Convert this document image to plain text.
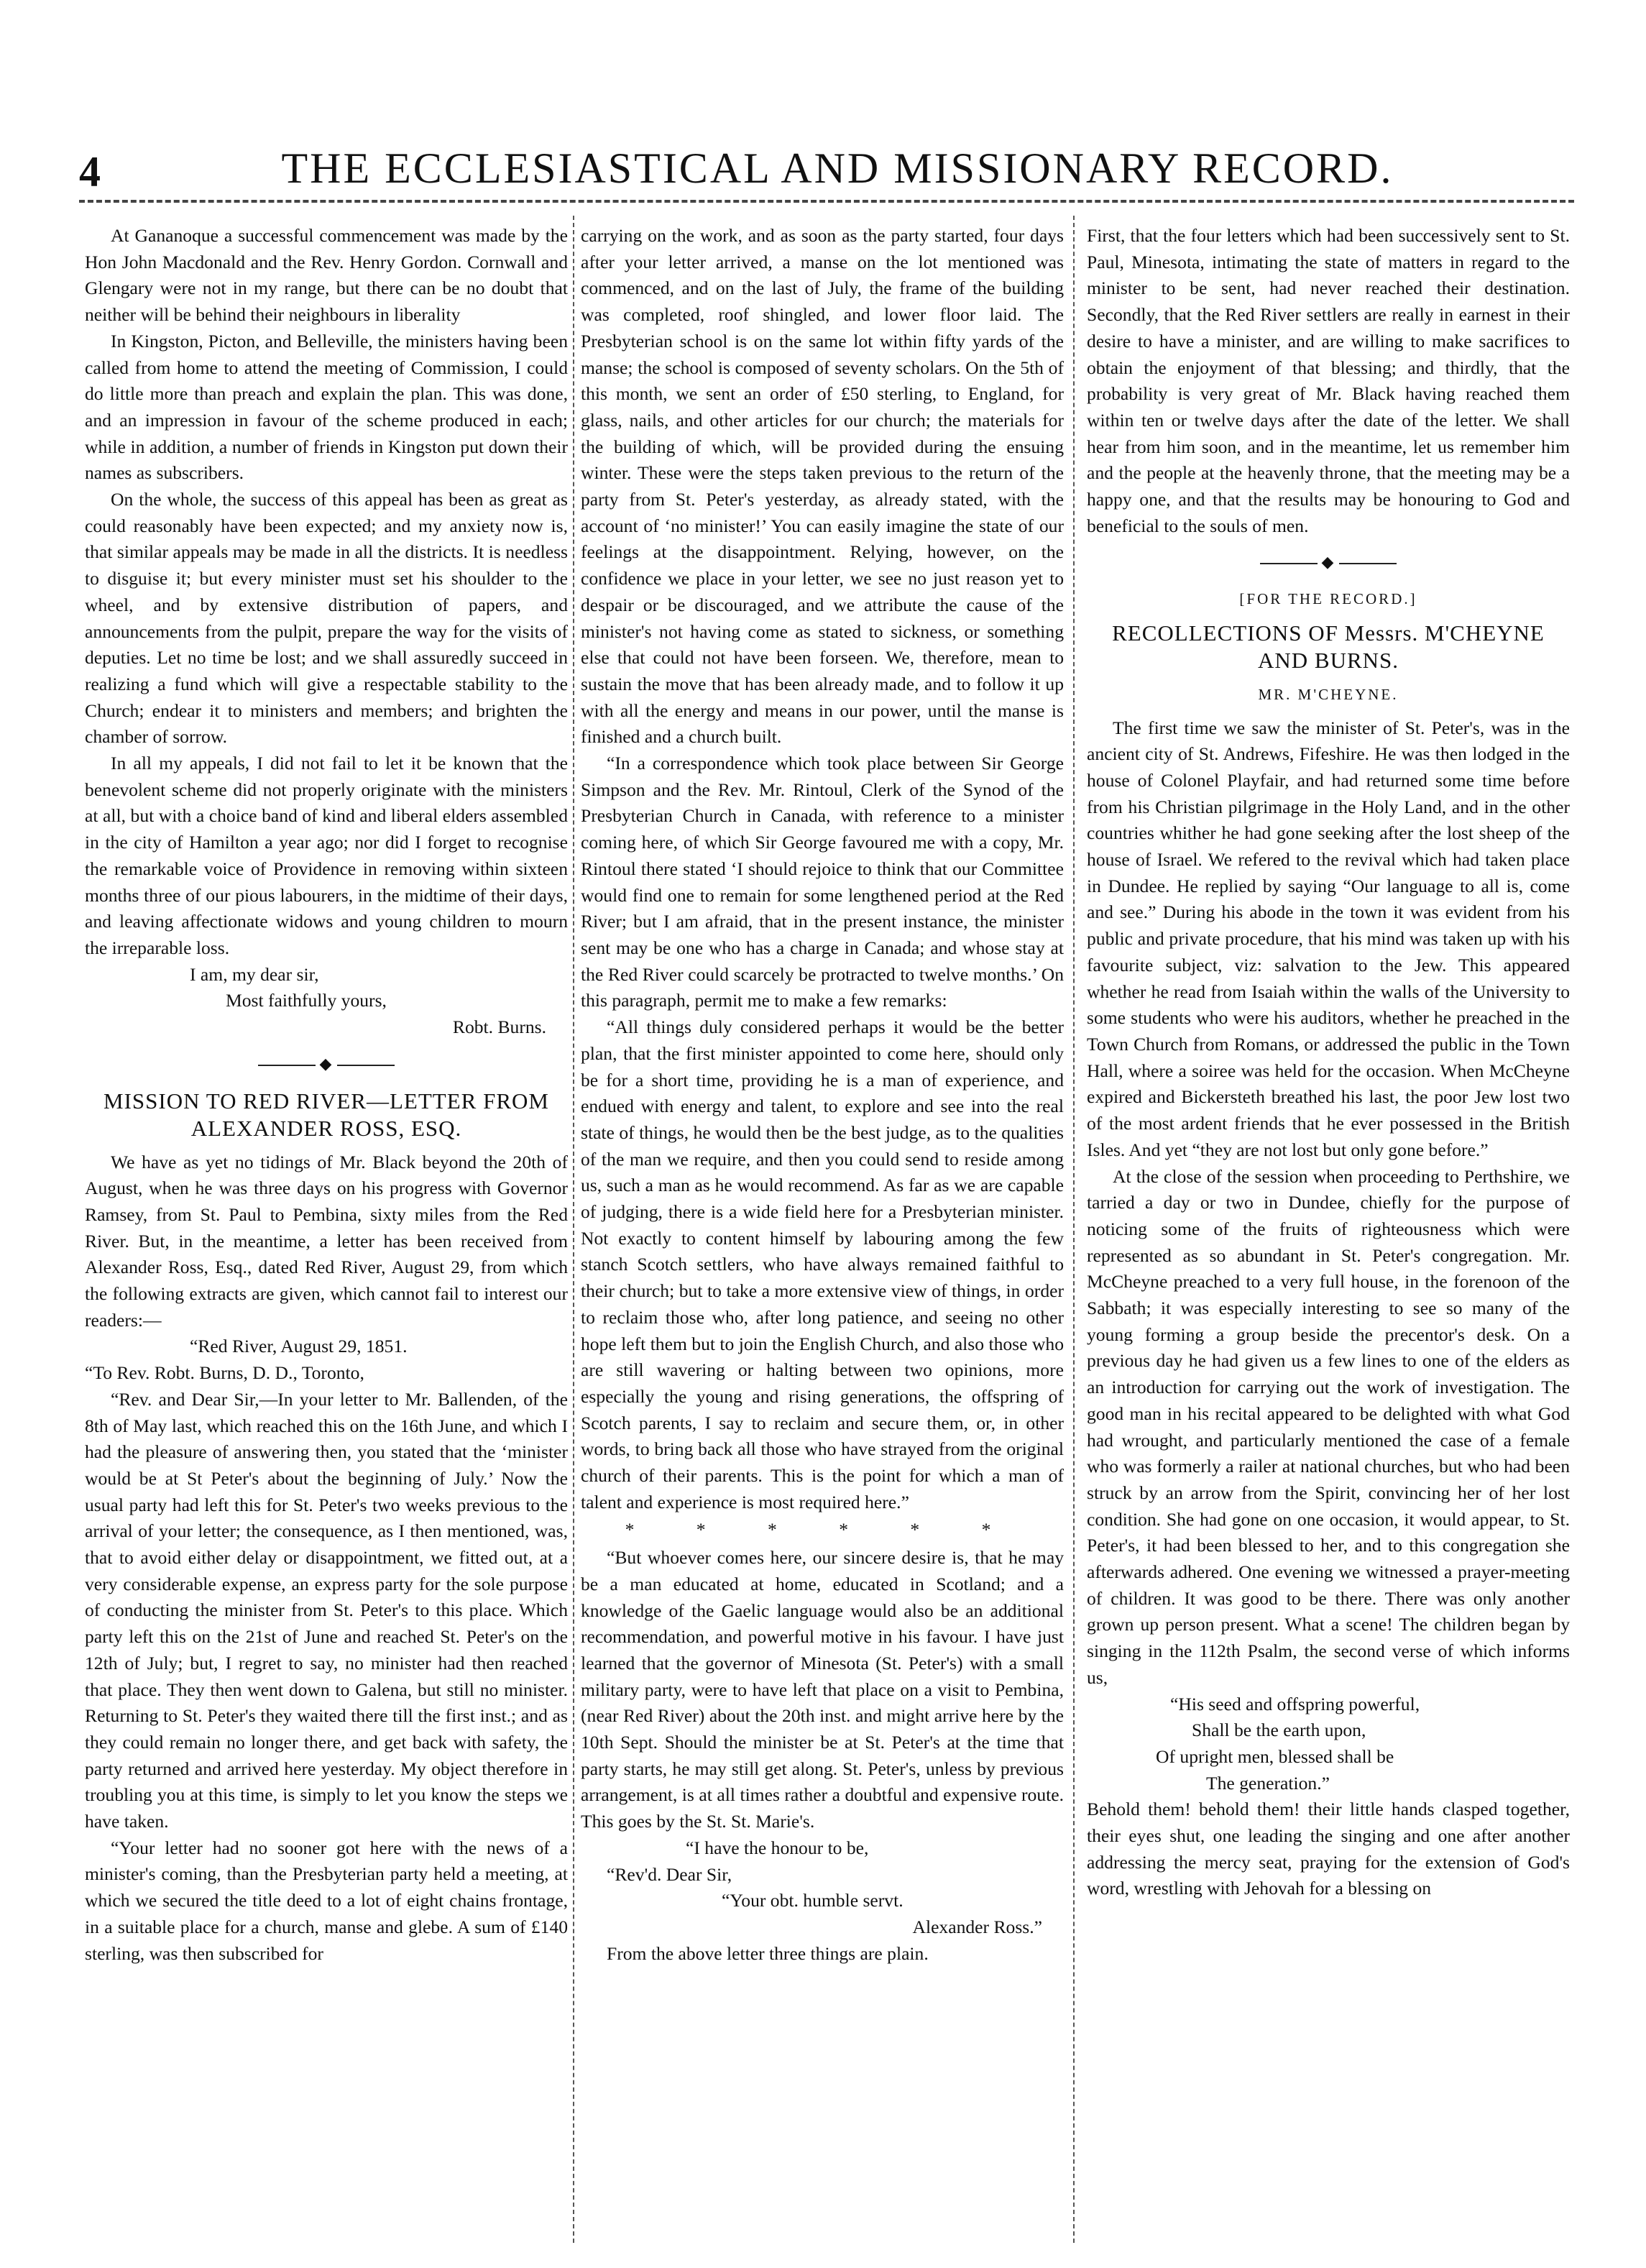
4	THE ECCLESIASTICAL AND MISSIONARY RECORD.

At Gananoque a successful commencement was made by the Hon John Macdonald and the Rev. Henry Gordon. Cornwall and Glengary were not in my range, but there can be no doubt that neither will be behind their neighbours in liberality

In Kingston, Picton, and Belleville, the ministers having been called from home to attend the meeting of Commission, I could do little more than preach and explain the plan. This was done, and an impression in favour of the scheme produced in each; while in addition, a number of friends in Kingston put down their names as subscribers.

On the whole, the success of this appeal has been as great as could reasonably have been expected; and my anxiety now is, that similar appeals may be made in all the districts. It is needless to disguise it; but every minister must set his shoulder to the wheel, and by extensive distribution of papers, and announcements from the pulpit, prepare the way for the visits of deputies. Let no time be lost; and we shall assuredly succeed in realizing a fund which will give a respectable stability to the Church; endear it to ministers and members; and brighten the chamber of sorrow.

In all my appeals, I did not fail to let it be known that the benevolent scheme did not properly originate with the ministers at all, but with a choice band of kind and liberal elders assembled in the city of Hamilton a year ago; nor did I forget to recognise the remarkable voice of Providence in removing within sixteen months three of our pious labourers, in the midtime of their days, and leaving affectionate widows and young children to mourn the irreparable loss.

I am, my dear sir,

Most faithfully yours,

Robt. Burns.

◆
MISSION TO RED RIVER—LETTER FROM ALEXANDER ROSS, ESQ.

We have as yet no tidings of Mr. Black beyond the 20th of August, when he was three days on his progress with Governor Ramsey, from St. Paul to Pembina, sixty miles from the Red River. But, in the meantime, a letter has been received from Alexander Ross, Esq., dated Red River, August 29, from which the following extracts are given, which cannot fail to interest our readers:—

“Red River, August 29, 1851.

“To Rev. Robt. Burns, D. D., Toronto,

“Rev. and Dear Sir,—In your letter to Mr. Ballenden, of the 8th of May last, which reached this on the 16th June, and which I had the pleasure of answering then, you stated that the ‘minister would be at St Peter's about the beginning of July.’ Now the usual party had left this for St. Peter's two weeks previous to the arrival of your letter; the consequence, as I then mentioned, was, that to avoid either delay or disappointment, we fitted out, at a very considerable expense, an express party for the sole purpose of conducting the minister from St. Peter's to this place. Which party left this on the 21st of June and reached St. Peter's on the 12th of July; but, I regret to say, no minister had then reached that place. They then went down to Galena, but still no minister. Returning to St. Peter's they waited there till the first inst.; and as they could remain no longer there, and get back with safety, the party returned and arrived here yesterday. My object therefore in troubling you at this time, is simply to let you know the steps we have taken.

“Your letter had no sooner got here with the news of a minister's coming, than the Presbyterian party held a meeting, at which we secured the title deed to a lot of eight chains frontage, in a suitable place for a church, manse and glebe. A sum of £140 sterling, was then subscribed for

carrying on the work, and as soon as the party started, four days after your letter arrived, a manse on the lot mentioned was commenced, and on the last of July, the frame of the building was completed, roof shingled, and lower floor laid. The Presbyterian school is on the same lot within fifty yards of the manse; the school is composed of seventy scholars. On the 5th of this month, we sent an order of £50 sterling, to England, for glass, nails, and other articles for our church; the materials for the building of which, will be provided during the ensuing winter. These were the steps taken previous to the return of the party from St. Peter's yesterday, as already stated, with the account of ‘no minister!’ You can easily imagine the state of our feelings at the disappointment. Relying, however, on the confidence we place in your letter, we see no just reason yet to despair or be discouraged, and we attribute the cause of the minister's not having come as stated to sickness, or something else that could not have been forseen. We, therefore, mean to sustain the move that has been already made, and to follow it up with all the energy and means in our power, until the manse is finished and a church built.

“In a correspondence which took place between Sir George Simpson and the Rev. Mr. Rintoul, Clerk of the Synod of the Presbyterian Church in Canada, with reference to a minister coming here, of which Sir George favoured me with a copy, Mr. Rintoul there stated ‘I should rejoice to think that our Committee would find one to remain for some lengthened period at the Red River; but I am afraid, that in the present instance, the minister sent may be one who has a charge in Canada; and whose stay at the Red River could scarcely be protracted to twelve months.’ On this paragraph, permit me to make a few remarks:

“All things duly considered perhaps it would be the better plan, that the first minister appointed to come here, should only be for a short time, providing he is a man of experience, and endued with energy and talent, to explore and see into the real state of things, he would then be the best judge, as to the qualities of the man we require, and then you could send to reside among us, such a man as he would recommend. As far as we are capable of judging, there is a wide field here for a Presbyterian minister. Not exactly to content himself by labouring among the few stanch Scotch settlers, who have always remained faithful to their church; but to take a more extensive view of things, in order to reclaim those who, after long patience, and seeing no other hope left them but to join the English Church, and also those who are still wavering or halting between two opinions, more especially the young and rising generations, the offspring of Scotch parents, I say to reclaim and secure them, or, in other words, to bring back all those who have strayed from the original church of their parents. This is the point for which a man of talent and experience is most required here.”

* * * * * *

“But whoever comes here, our sincere desire is, that he may be a man educated at home, educated in Scotland; and a knowledge of the Gaelic language would also be an additional recommendation, and powerful motive in his favour. I have just learned that the governor of Minesota (St. Peter's) with a small military party, were to have left that place on a visit to Pembina, (near Red River) about the 20th inst. and might arrive here by the 10th Sept. Should the minister be at St. Peter's at the time that party starts, he may still get along. St. Peter's, unless by previous arrangement, is at all times rather a doubtful and expensive route. This goes by the St. St. Marie's.

“I have the honour to be,

“Rev'd. Dear Sir,

“Your obt. humble servt.

Alexander Ross.”

From the above letter three things are plain.

First, that the four letters which had been successively sent to St. Paul, Minesota, intimating the state of matters in regard to the minister to be sent, had never reached their destination. Secondly, that the Red River settlers are really in earnest in their desire to have a minister, and are willing to make sacrifices to obtain the enjoyment of that blessing; and thirdly, that the probability is very great of Mr. Black having reached them within ten or twelve days after the date of the letter. We shall hear from him soon, and in the meantime, let us remember him and the people at the heavenly throne, that the meeting may be a happy one, and that the results may be honouring to God and beneficial to the souls of men.

◆
[FOR THE RECORD.]
RECOLLECTIONS OF Messrs. M'CHEYNE AND BURNS.
MR. M'CHEYNE.

The first time we saw the minister of St. Peter's, was in the ancient city of St. Andrews, Fifeshire. He was then lodged in the house of Colonel Playfair, and had returned some time before from his Christian pilgrimage in the Holy Land, and in the other countries whither he had gone seeking after the lost sheep of the house of Israel. We refered to the revival which had taken place in Dundee. He replied by saying “Our language to all is, come and see.” During his abode in the town it was evident from his public and private procedure, that his mind was taken up with his favourite subject, viz: salvation to the Jew. This appeared whether he read from Isaiah within the walls of the University to some students who were his auditors, whether he preached in the Town Church from Romans, or addressed the public in the Town Hall, where a soiree was held for the occasion. When McCheyne expired and Bickersteth breathed his last, the poor Jew lost two of the most ardent friends that he ever possessed in the British Isles. And yet “they are not lost but only gone before.”

At the close of the session when proceeding to Perthshire, we tarried a day or two in Dundee, chiefly for the purpose of noticing some of the fruits of righteousness which were represented as so abundant in St. Peter's congregation. Mr. McCheyne preached to a very full house, in the forenoon of the Sabbath; it was especially interesting to see so many of the young forming a group beside the precentor's desk. On a previous day he had given us a few lines to one of the elders as an introduction for carrying out the work of investigation. The good man in his recital appeared to be delighted with what God had wrought, and particularly mentioned the case of a female who was formerly a railer at national churches, but who had been struck by an arrow from the Spirit, convincing her of her lost condition. She had gone on one occasion, it would appear, to St. Peter's, it had been blessed to her, and to this congregation she afterwards adhered. One evening we witnessed a prayer-meeting of children. It was good to be there. There was only another grown up person present. What a scene! The children began by singing in the 112th Psalm, the second verse of which informs us,

“His seed and offspring powerful,

Shall be the earth upon,

Of upright men, blessed shall be

The generation.”

Behold them! behold them! their little hands clasped together, their eyes shut, one leading the singing and one after another addressing the mercy seat, praying for the extension of God's word, wrestling with Jehovah for a blessing on
